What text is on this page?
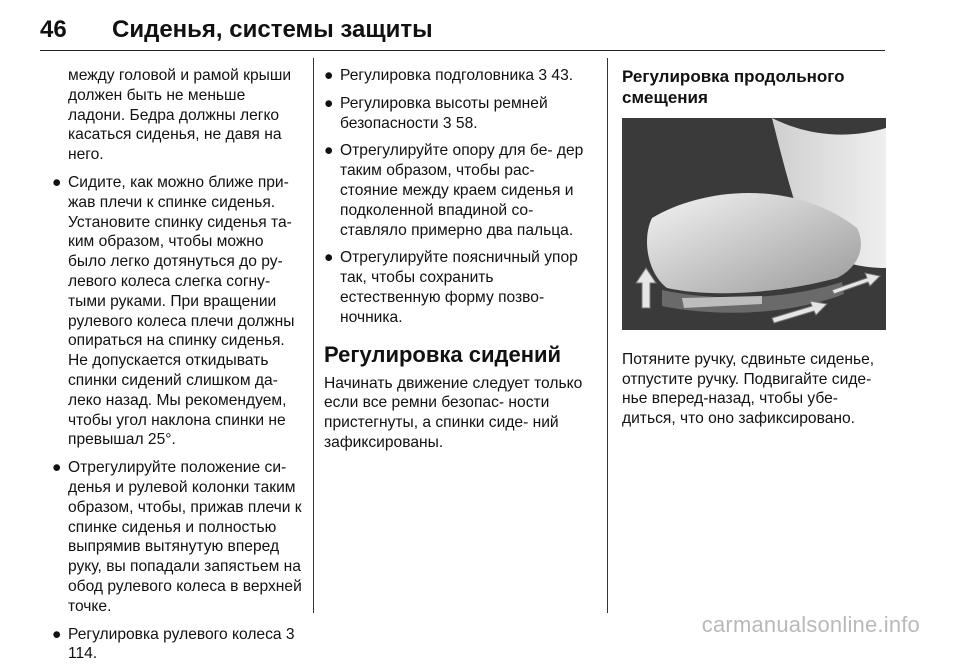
46 Сиденья, системы защиты

между головой и рамой крыши должен быть не меньше ладони. Бедра должны легко касаться сиденья, не давя на него.

● Сидите, как можно ближе при- жав плечи к спинке сиденья. Установите спинку сиденья та- ким образом, чтобы можно было легко дотянуться до ру- левого колеса слегка согну- тыми руками. При вращении рулевого колеса плечи должны опираться на спинку сиденья. Не допускается откидывать спинки сидений слишком да- леко назад. Мы рекомендуем, чтобы угол наклона спинки не превышал 25°.
● Отрегулируйте положение си- денья и рулевой колонки таким образом, чтобы, прижав плечи к спинке сиденья и полностью выпрямив вытянутую вперед руку, вы попадали запястьем на обод рулевого колеса в верхней точке.
● Регулировка рулевого колеса 3 114.
● Регулировка подголовника 3 43.
● Регулировка высоты ремней безопасности 3 58.
● Отрегулируйте опору для бе- дер таким образом, чтобы рас- стояние между краем сиденья и подколенной впадиной со- ставляло примерно два пальца.
● Отрегулируйте поясничный упор так, чтобы сохранить естественную форму позво- ночника.
Регулировка сидений

Начинать движение следует только если все ремни безопас- ности пристегнуты, а спинки сиде- ний зафиксированы.

Регулировка продольного смещения

Потяните ручку, сдвиньте сиденье, отпустите ручку. Подвигайте сиде- нье вперед-назад, чтобы убе- диться, что оно зафиксировано.

carmanualsonline.info
